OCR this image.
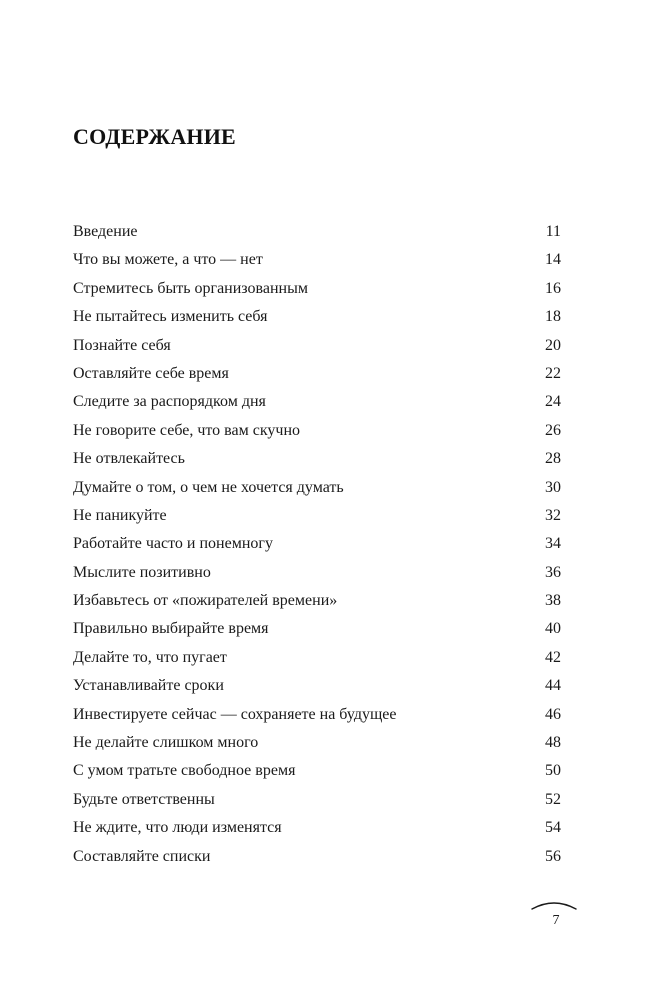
СОДЕРЖАНИЕ
Введение	11
Что вы можете, а что — нет	14
Стремитесь быть организованным	16
Не пытайтесь изменить себя	18
Познайте себя	20
Оставляйте себе время	22
Следите за распорядком дня	24
Не говорите себе, что вам скучно	26
Не отвлекайтесь	28
Думайте о том, о чем не хочется думать	30
Не паникуйте	32
Работайте часто и понемногу	34
Мыслите позитивно	36
Избавьтесь от «пожирателей времени»	38
Правильно выбирайте время	40
Делайте то, что пугает	42
Устанавливайте сроки	44
Инвестируете сейчас — сохраняете на будущее	46
Не делайте слишком много	48
С умом тратьте свободное время	50
Будьте ответственны	52
Не ждите, что люди изменятся	54
Составляйте списки	56
7
